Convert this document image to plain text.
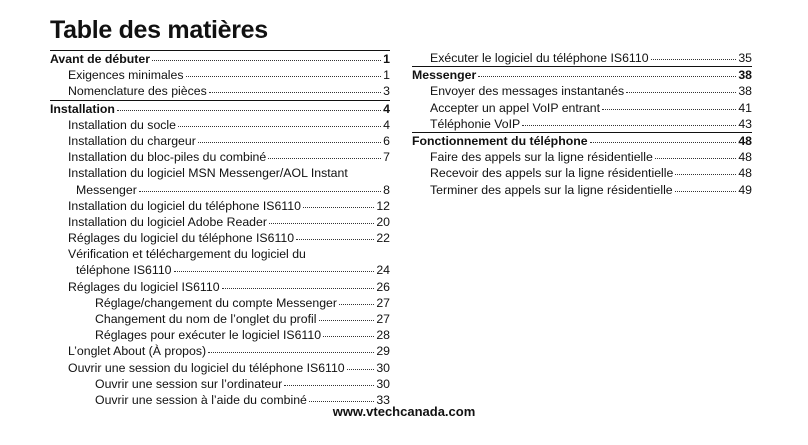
Table des matières
Avant de débuter	1
Exigences minimales	1
Nomenclature des pièces	3
Installation	4
Installation du socle	4
Installation du chargeur	6
Installation du bloc-piles du combiné	7
Installation du logiciel MSN Messenger/AOL Instant
Messenger	8
Installation du logiciel du téléphone IS6110	12
Installation du logiciel Adobe Reader	20
Réglages du logiciel du téléphone IS6110	22
Vérification et téléchargement du logiciel du
téléphone IS6110	24
Réglages du logiciel IS6110	26
Réglage/changement du compte Messenger	27
Changement du nom de l’onglet du profil	27
Réglages pour exécuter le logiciel IS6110	28
L’onglet About (À propos)	29
Ouvrir une session du logiciel du téléphone IS6110	30
Ouvrir une session sur l’ordinateur	30
Ouvrir une session à l’aide du combiné	33
Exécuter le logiciel du téléphone IS6110	35
Messenger	38
Envoyer des messages instantanés	38
Accepter un appel VoIP entrant	41
Téléphonie VoIP	43
Fonctionnement du téléphone	48
Faire des appels sur la ligne résidentielle	48
Recevoir des appels sur la ligne résidentielle	48
Terminer des appels sur la ligne résidentielle	49
www.vtechcanada.com
